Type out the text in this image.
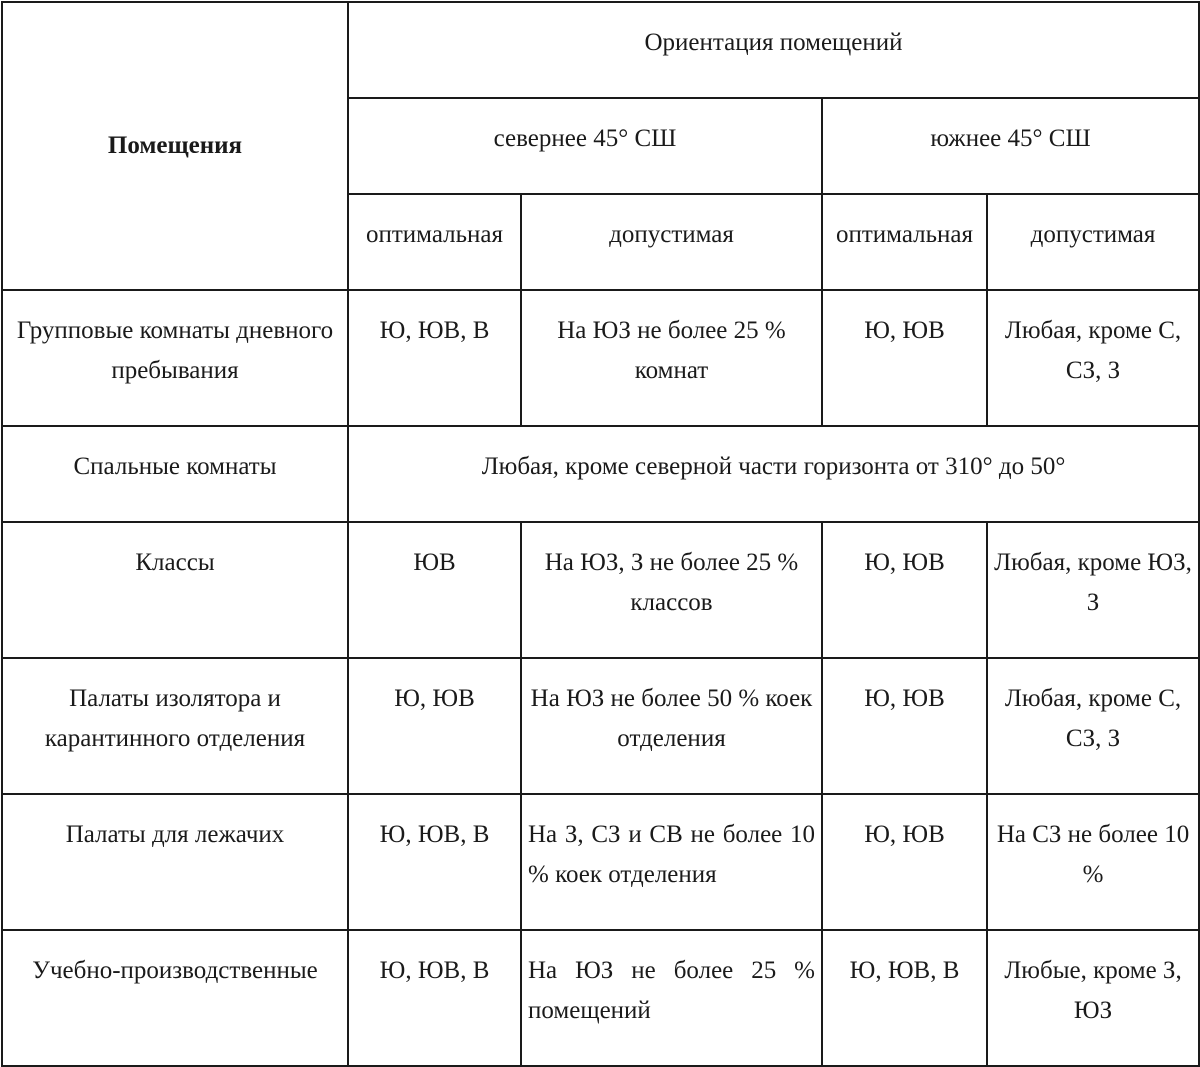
Помещения	Ориентация помещений			
	севернее 45° СШ		южнее 45° СШ	
	оптимальная	допустимая	оптимальная	допустимая
Групповые комнаты дневного пребывания	Ю, ЮВ, В	На ЮЗ не более 25 % комнат	Ю, ЮВ	Любая, кроме С, СЗ, З
Спальные комнаты	Любая, кроме северной части горизонта от 310° до 50°			
Классы	ЮВ	На ЮЗ, З не более 25 % классов	Ю, ЮВ	Любая, кроме ЮЗ, З
Палаты изолятора и карантинного отделения	Ю, ЮВ	На ЮЗ не более 50 % коек отделения	Ю, ЮВ	Любая, кроме С, СЗ, З
Палаты для лежачих	Ю, ЮВ, В	На З, СЗ и СВ не более 10 % коек отделения	Ю, ЮВ	На СЗ не более 10 %
Учебно-производственные	Ю, ЮВ, В	На ЮЗ не более 25 % помещений	Ю, ЮВ, В	Любые, кроме З, ЮЗ
